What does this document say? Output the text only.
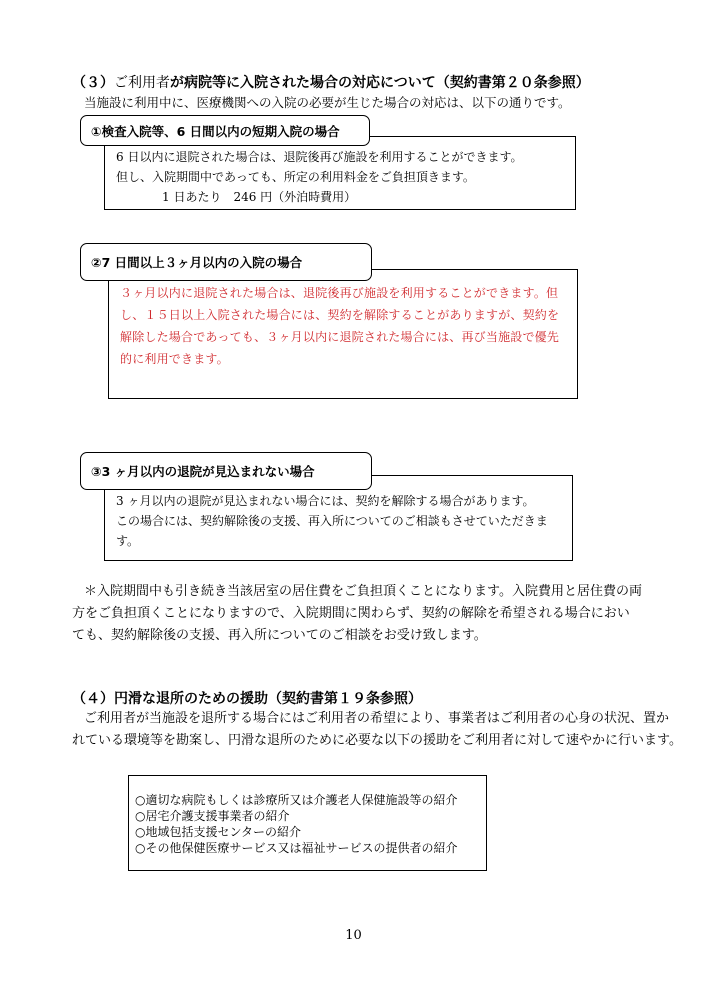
（３）ご利用者が病院等に入院された場合の対応について（契約書第２０条参照）
当施設に利用中に、医療機関への入院の必要が生じた場合の対応は、以下の通りです。
6 日以内に退院された場合は、退院後再び施設を利用することができます。
但し、入院期間中であっても、所定の利用料金をご負担頂きます。
1 日あたり　246 円（外泊時費用）
①検査入院等、6 日間以内の短期入院の場合
３ヶ月以内に退院された場合は、退院後再び施設を利用することができます。但
し、１５日以上入院された場合には、契約を解除することがありますが、契約を
解除した場合であっても、３ヶ月以内に退院された場合には、再び当施設で優先
的に利用できます。
②7 日間以上３ヶ月以内の入院の場合
3 ヶ月以内の退院が見込まれない場合には、契約を解除する場合があります。
この場合には、契約解除後の支援、再入所についてのご相談もさせていただきま
す。
③3 ヶ月以内の退院が見込まれない場合
＊入院期間中も引き続き当該居室の居住費をご負担頂くことになります。入院費用と居住費の両
方をご負担頂くことになりますので、入院期間に関わらず、契約の解除を希望される場合におい
ても、契約解除後の支援、再入所についてのご相談をお受け致します。
（４）円滑な退所のための援助（契約書第１９条参照）
ご利用者が当施設を退所する場合にはご利用者の希望により、事業者はご利用者の心身の状況、置か
れている環境等を勘案し、円滑な退所のために必要な以下の援助をご利用者に対して速やかに行います。
○適切な病院もしくは診療所又は介護老人保健施設等の紹介
○居宅介護支援事業者の紹介
○地域包括支援センターの紹介
○その他保健医療サービス又は福祉サービスの提供者の紹介
10
